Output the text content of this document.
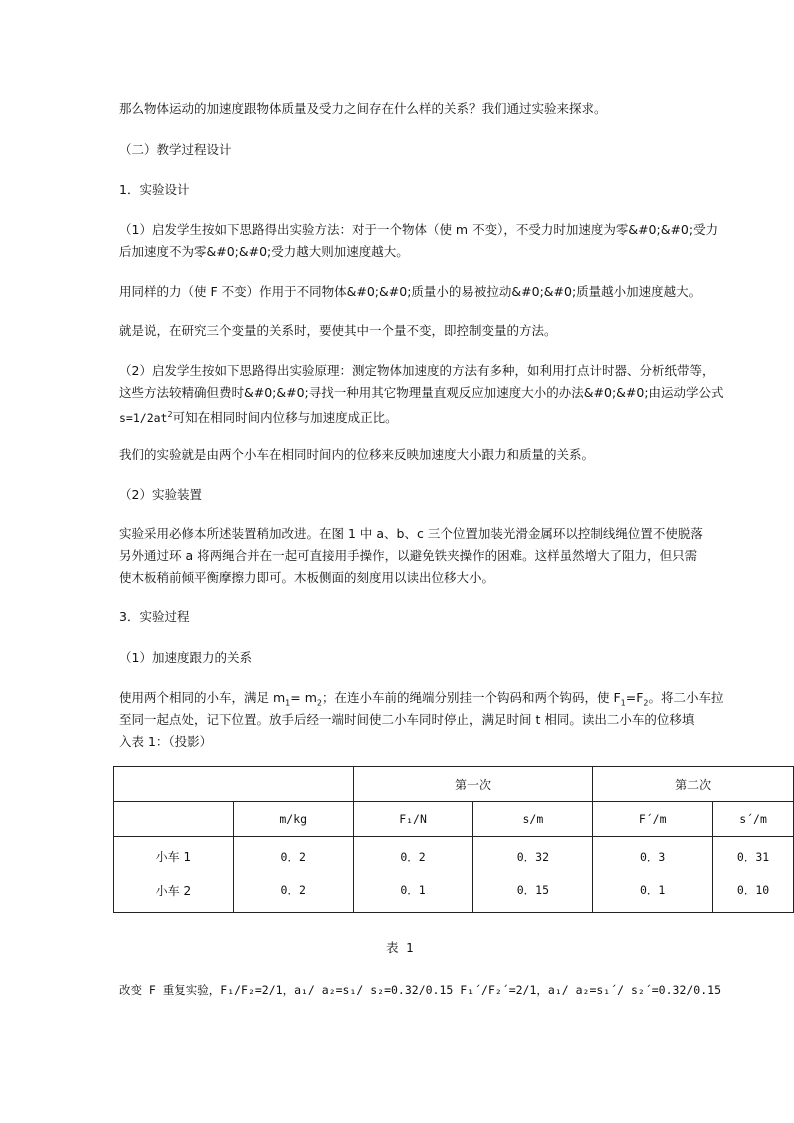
那么物体运动的加速度跟物体质量及受力之间存在什么样的关系？我们通过实验来探求。

（二）教学过程设计

1．实验设计

（1）启发学生按如下思路得出实验方法：对于一个物体（使 m 不变），不受力时加速度为零&#0;&#0;受力

后加速度不为零&#0;&#0;受力越大则加速度越大。

用同样的力（使 F 不变）作用于不同物体&#0;&#0;质量小的易被拉动&#0;&#0;质量越小加速度越大。

就是说，在研究三个变量的关系时，要使其中一个量不变，即控制变量的方法。

（2）启发学生按如下思路得出实验原理：测定物体加速度的方法有多种，如利用打点计时器、分析纸带等，

这些方法较精确但费时&#0;&#0;寻找一种用其它物理量直观反应加速度大小的办法&#0;&#0;由运动学公式

$s=1/2at^2$可知在相同时间内位移与加速度成正比。

我们的实验就是由两个小车在相同时间内的位移来反映加速度大小跟力和质量的关系。

（2）实验装置

实验采用必修本所述装置稍加改进。在图 1 中 a、b、c 三个位置加装光滑金属环以控制线绳位置不使脱落

另外通过环 a 将两绳合并在一起可直接用手操作，以避免铁夹操作的困难。这样虽然增大了阻力，但只需

使木板稍前倾平衡摩擦力即可。木板侧面的刻度用以读出位移大小。

3．实验过程

（1）加速度跟力的关系

使用两个相同的小车，满足 $m_1= m_2$；在连小车前的绳端分别挂一个钩码和两个钩码，使 $F_1=F_2$。将二小车拉

至同一起点处，记下位置。放手后经一端时间使二小车同时停止，满足时间 t 相同。读出二小车的位移填

入表 1：（投影）

		第一次		第二次	
	m/kg	F₁/N	s/m	F´/m	s´/m
小车 1	0．2	0．2	0．32	0．3	0．31
小车 2	0．2	0．1	0．15	0．1	0．10
表 1

改变 F 重复实验，F₁/F₂=2/1，a₁/ a₂=s₁/ s₂=0.32/0.15 F₁´/F₂´=2/1，a₁/ a₂=s₁´/ s₂´=0.32/0.15
